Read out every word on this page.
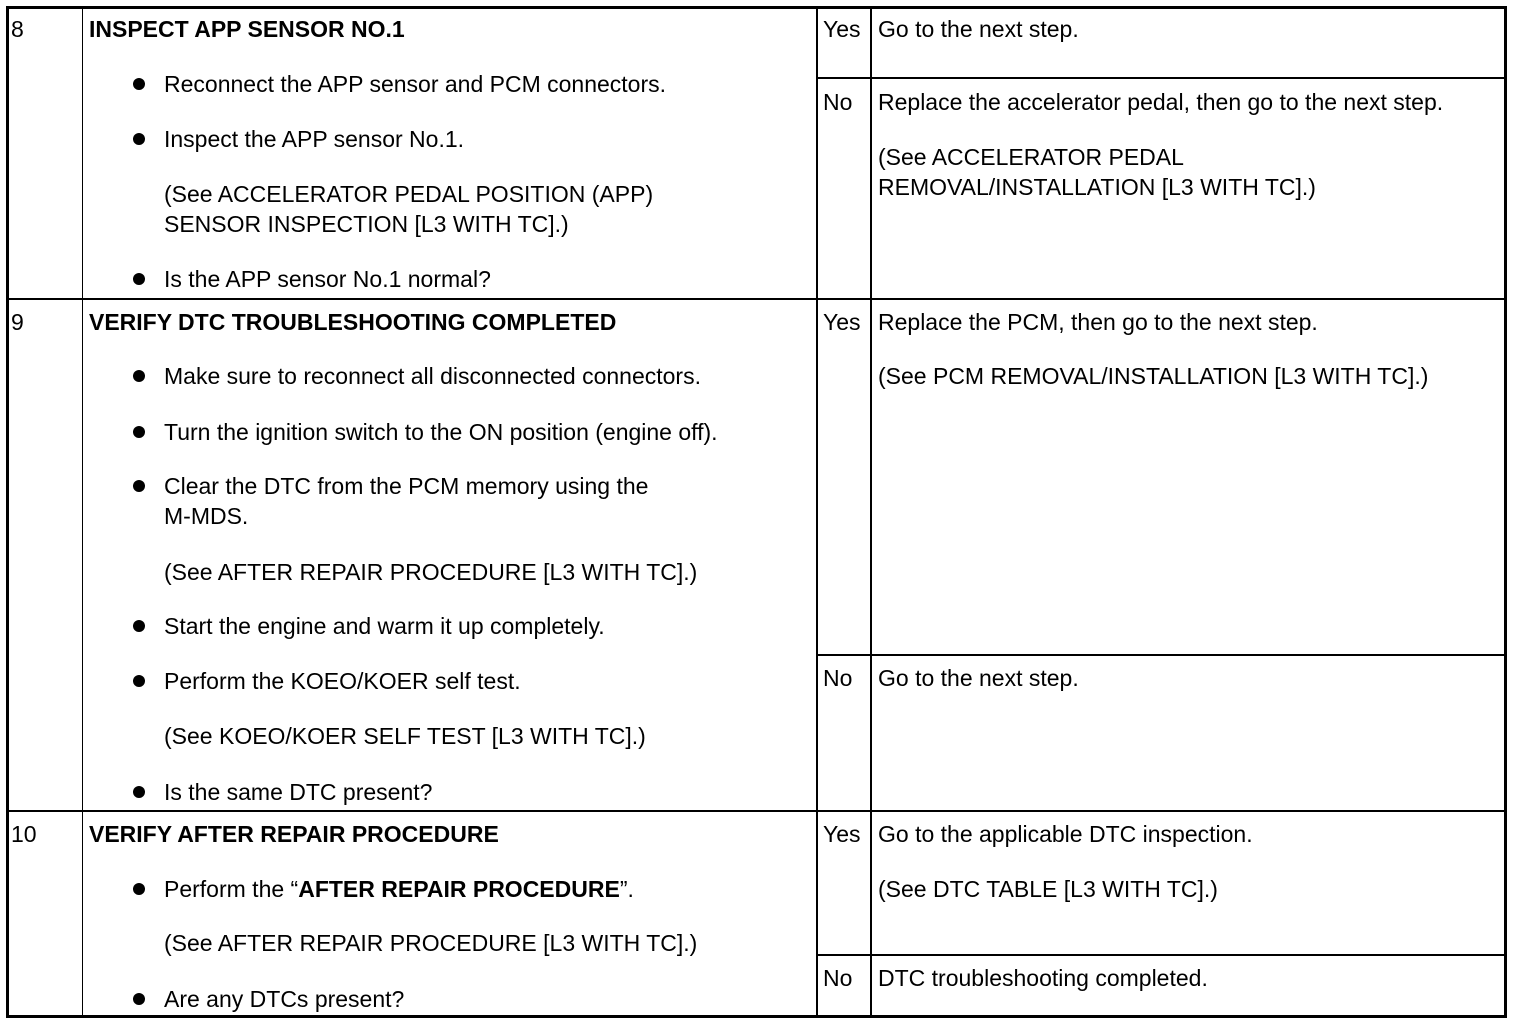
8	INSPECT APP SENSOR NO.1
Reconnect the APP sensor and PCM connectors.
Inspect the APP sensor No.1.
(See ACCELERATOR PEDAL POSITION (APP)
SENSOR INSPECTION [L3 WITH TC].)
Is the APP sensor No.1 normal?
Yes Go to the next step.
No Replace the accelerator pedal, then go to the next step.
(See ACCELERATOR PEDAL
REMOVAL/INSTALLATION [L3 WITH TC].)
9	VERIFY DTC TROUBLESHOOTING COMPLETED
Make sure to reconnect all disconnected connectors.
Turn the ignition switch to the ON position (engine off).
Clear the DTC from the PCM memory using the
M-MDS.
(See AFTER REPAIR PROCEDURE [L3 WITH TC].)
Start the engine and warm it up completely.
Perform the KOEO/KOER self test.
(See KOEO/KOER SELF TEST [L3 WITH TC].)
Is the same DTC present?
Yes Replace the PCM, then go to the next step.
(See PCM REMOVAL/INSTALLATION [L3 WITH TC].)
No Go to the next step.
10 VERIFY AFTER REPAIR PROCEDURE
Perform the “AFTER REPAIR PROCEDURE”.
(See AFTER REPAIR PROCEDURE [L3 WITH TC].)
Are any DTCs present?
Yes Go to the applicable DTC inspection.
(See DTC TABLE [L3 WITH TC].)
No DTC troubleshooting completed.
